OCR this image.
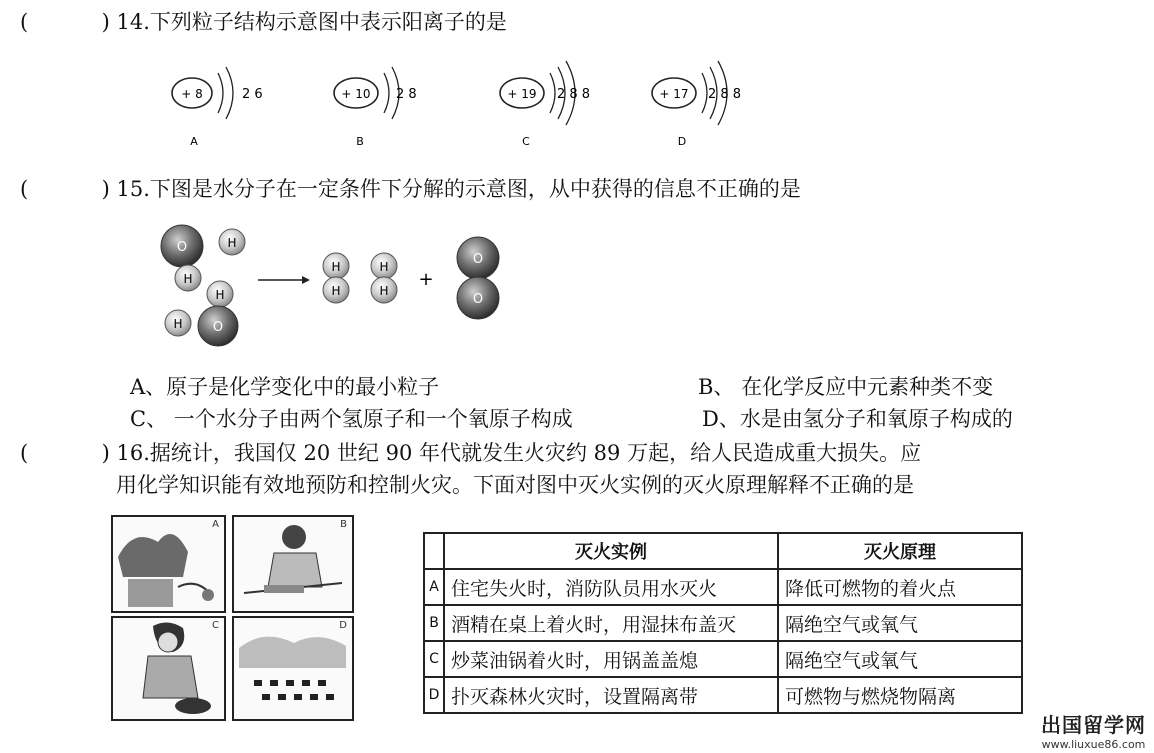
(	) 14.下列粒子结构示意图中表示阳离子的是
+ 8	2 6
A
+ 10 2 8
B
+ 19 2 8 8
C
+ 17 2 8 8
D
(	) 15.下图是水分子在一定条件下分解的示意图，从中获得的信息不正确的是
O	H
H
H
H O
H
H
H
H
+
O
O
A、原子是化学变化中的最小粒子	B、 在化学反应中元素种类不变
C、 一个水分子由两个氢原子和一个氧原子构成	D、水是由氢分子和氧原子构成的
(	) 16.据统计，我国仅 20 世纪 90 年代就发生火灾约 89 万起，给人民造成重大损失。应
用化学知识能有效地预防和控制火灾。下面对图中灭火实例的灭火原理解释不正确的是
A	B
C	D
	灭火实例	灭火原理
A	住宅失火时，消防队员用水灭火	降低可燃物的着火点
B	酒精在桌上着火时，用湿抹布盖灭	隔绝空气或氧气
C	炒菜油锅着火时，用锅盖盖熄	隔绝空气或氧气
D	扑灭森林火灾时，设置隔离带	可燃物与燃烧物隔离
出国留学网
www.liuxue86.com
